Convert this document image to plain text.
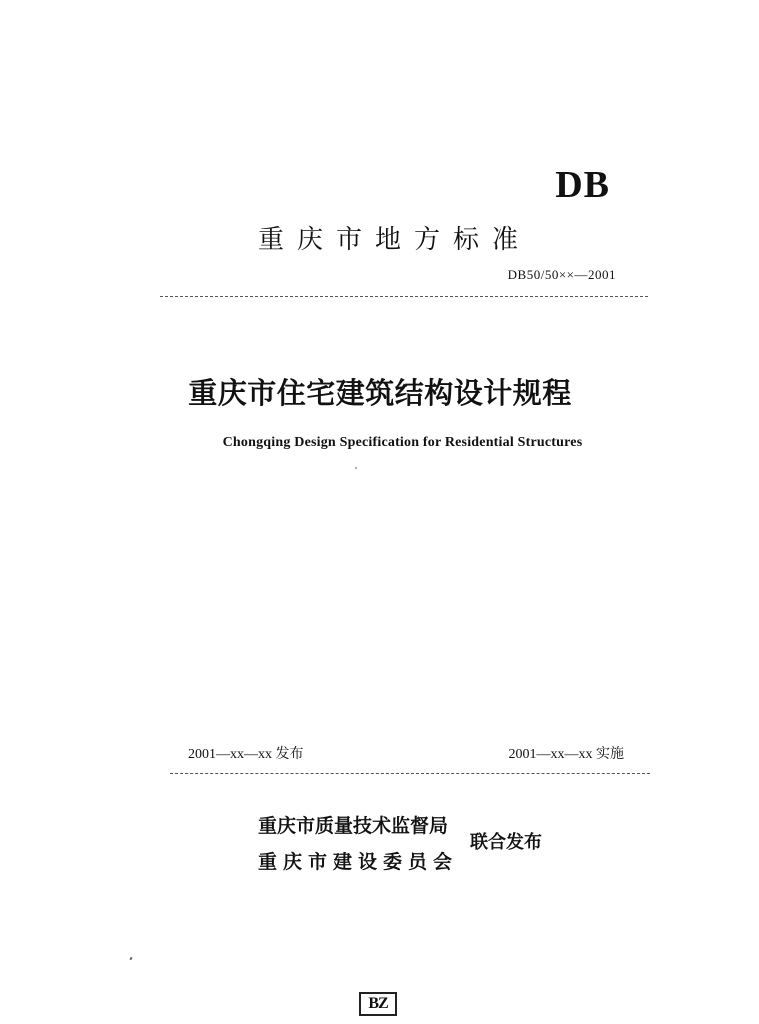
DB
重庆市地方标准
DB50/50××—2001
重庆市住宅建筑结构设计规程
Chongqing Design Specification for Residential Structures
2001—xx—xx 发布	2001—xx—xx 实施
重庆市质量技术监督局
重庆市建设委员会
联合发布
BZ
